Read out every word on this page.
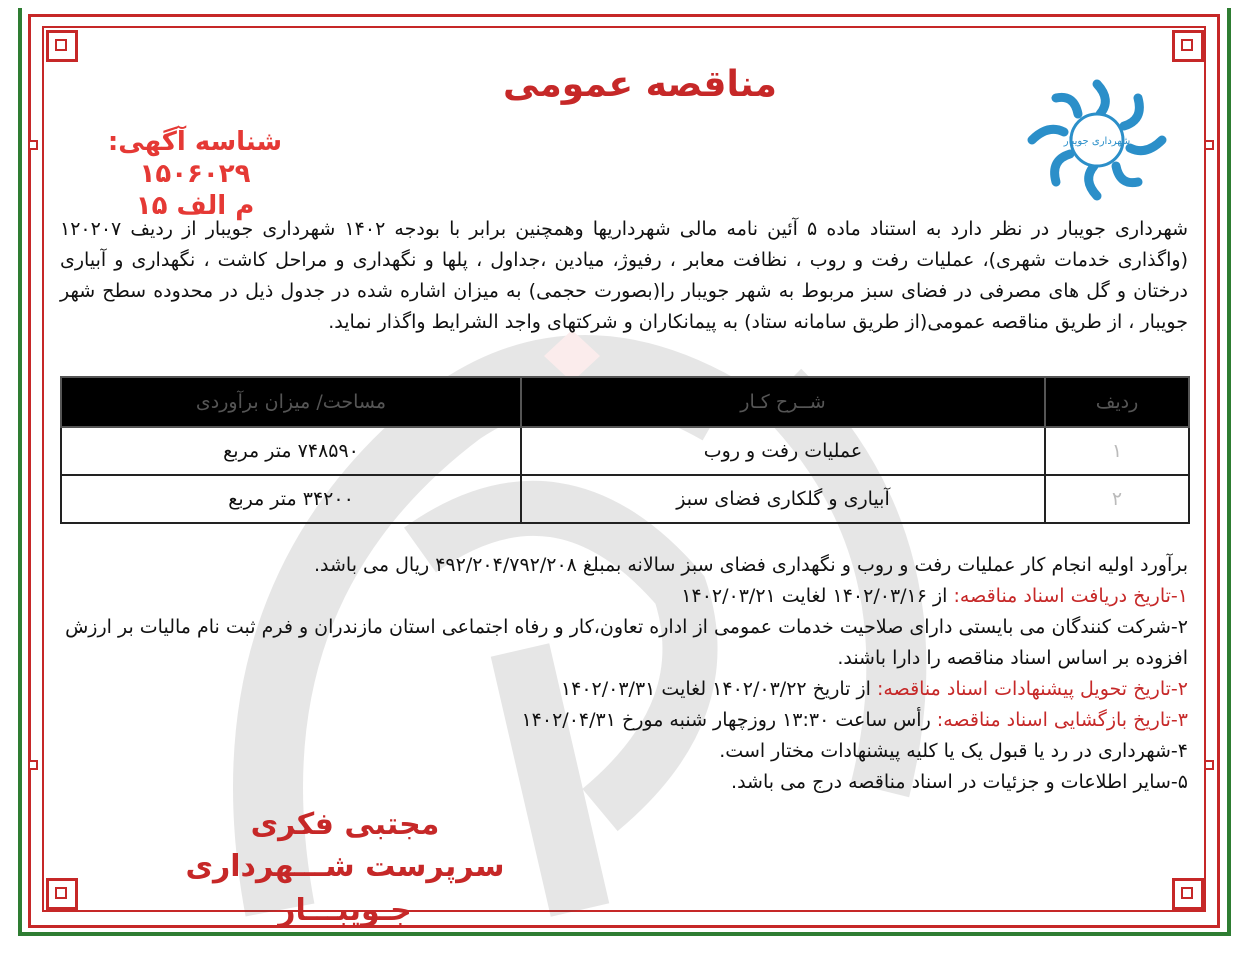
مناقصه عمومی
شناسه آگهی: ۱۵۰۶۰۲۹
م الف ۱۵
شهرداری جویبار
شهرداری جویبار در نظر دارد به استناد ماده ۵ آئین نامه مالی شهرداریها وهمچنین برابر با بودجه ۱۴۰۲ شهرداری جویبار از ردیف ۱۲۰۲۰۷ (واگذاری خدمات شهری)، عملیات رفت و روب ، نظافت معابر ، رفیوژ، میادین ،جداول ، پلها و نگهداری و مراحل کاشت ، نگهداری و آبیاری درختان و گل های مصرفی در فضای سبز مربوط به شهر جویبار را(بصورت حجمی) به میزان اشاره شده در جدول ذیل در محدوده سطح شهر جویبار ، از طریق مناقصه عمومی(از طریق سامانه ستاد) به پیمانکاران و شرکتهای واجد الشرایط واگذار نماید.
ردیف	شــرح کـار	مساحت/ میزان برآوردی
۱	عملیات رفت و روب	۷۴۸۵۹۰ متر مربع
۲	آبیاری و گلکاری فضای سبز	۳۴۲۰۰ متر مربع

برآورد اولیه انجام کار عملیات رفت و روب و نگهداری فضای سبز سالانه بمبلغ ۴۹۲/۲۰۴/۷۹۲/۲۰۸ ریال می باشد.

۱-تاریخ دریافت اسناد مناقصه: از ۱۴۰۲/۰۳/۱۶ لغایت ۱۴۰۲/۰۳/۲۱

۲-شرکت کنندگان می بایستی دارای صلاحیت خدمات عمومی از اداره تعاون،کار و رفاه اجتماعی استان مازندران و فرم ثبت نام مالیات بر ارزش افزوده بر اساس اسناد مناقصه را دارا باشند.

۲-تاریخ تحویل پیشنهادات اسناد مناقصه: از تاریخ ۱۴۰۲/۰۳/۲۲ لغایت ۱۴۰۲/۰۳/۳۱

۳-تاریخ بازگشایی اسناد مناقصه: رأس ساعت ۱۳:۳۰ روزچهار شنبه مورخ ۱۴۰۲/۰۴/۳۱

۴-شهرداری در رد یا قبول یک یا کلیه پیشنهادات مختار است.

۵-سایر اطلاعات و جزئیات در اسناد مناقصه درج می باشد.

مجتبی فکری
سرپرست شـــهرداری جـویبـــار
